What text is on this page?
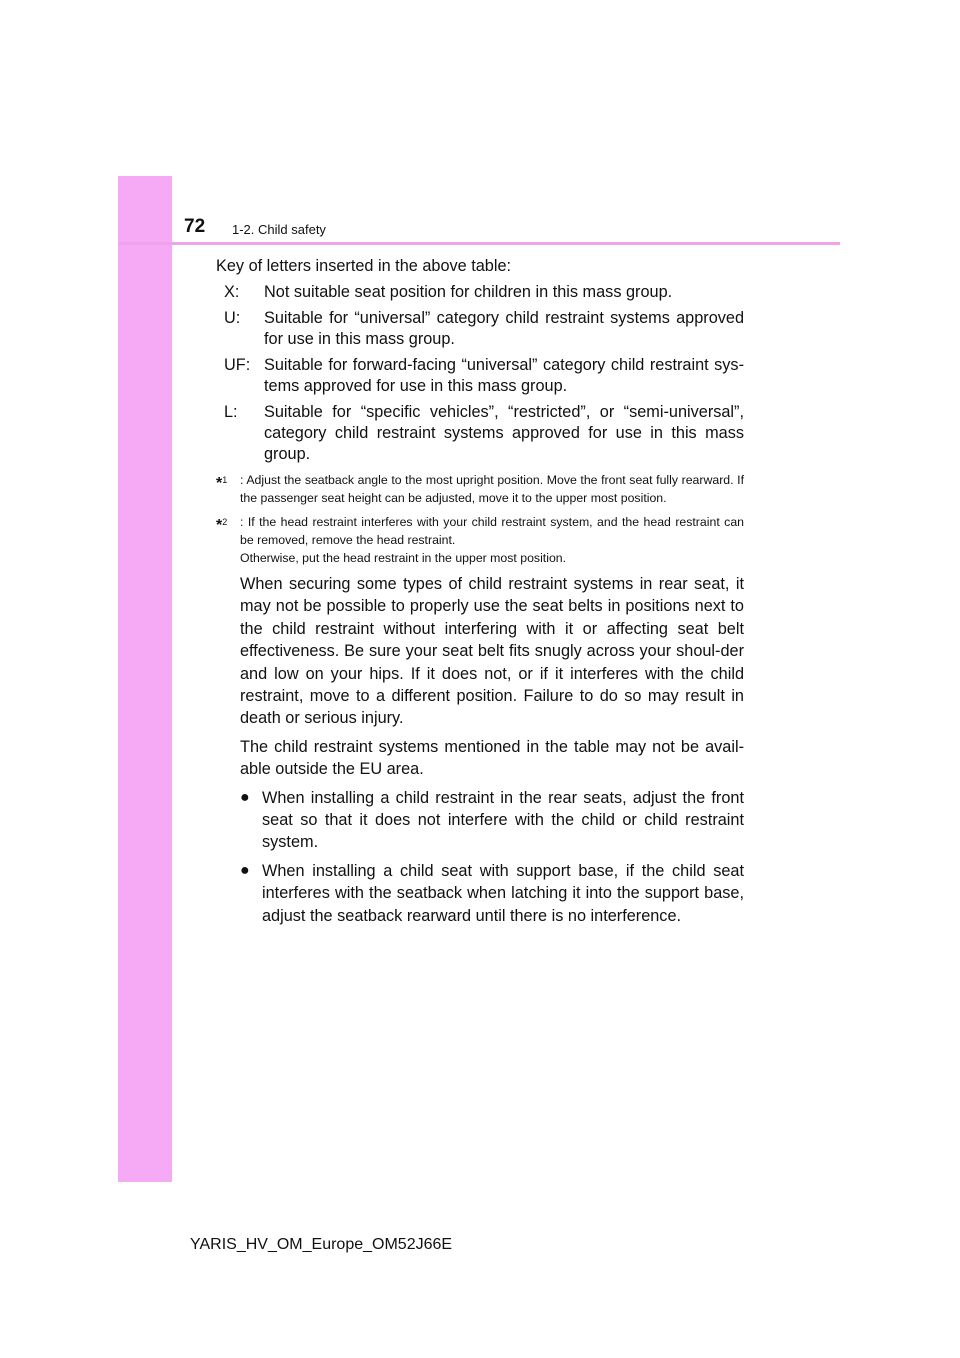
72 1-2. Child safety

Key of letters inserted in the above table:

X:	Not suitable seat position for children in this mass group.
U:	Suitable for “universal” category child restraint systems approved for use in this mass group.
UF: Suitable for forward-facing “universal” category child restraint sys-tems approved for use in this mass group.
L:	Suitable for “specific vehicles”, “restricted”, or “semi-universal”, category child restraint systems approved for use in this mass group.
*$^1$	: Adjust the seatback angle to the most upright position. Move the front seat fully rearward. If the passenger seat height can be adjusted, move it to the upper most position.
*$^2$	: If the head restraint interferes with your child restraint system, and the head restraint can be removed, remove the head restraint.
Otherwise, put the head restraint in the upper most position.

When securing some types of child restraint systems in rear seat, it may not be possible to properly use the seat belts in positions next to the child restraint without interfering with it or affecting seat belt effectiveness. Be sure your seat belt fits snugly across your shoul-der and low on your hips. If it does not, or if it interferes with the child restraint, move to a different position. Failure to do so may result in death or serious injury.

The child restraint systems mentioned in the table may not be avail-able outside the EU area.

● When installing a child restraint in the rear seats, adjust the front seat so that it does not interfere with the child or child restraint system.
● When installing a child seat with support base, if the child seat interferes with the seatback when latching it into the support base, adjust the seatback rearward until there is no interference.
YARIS_HV_OM_Europe_OM52J66E
